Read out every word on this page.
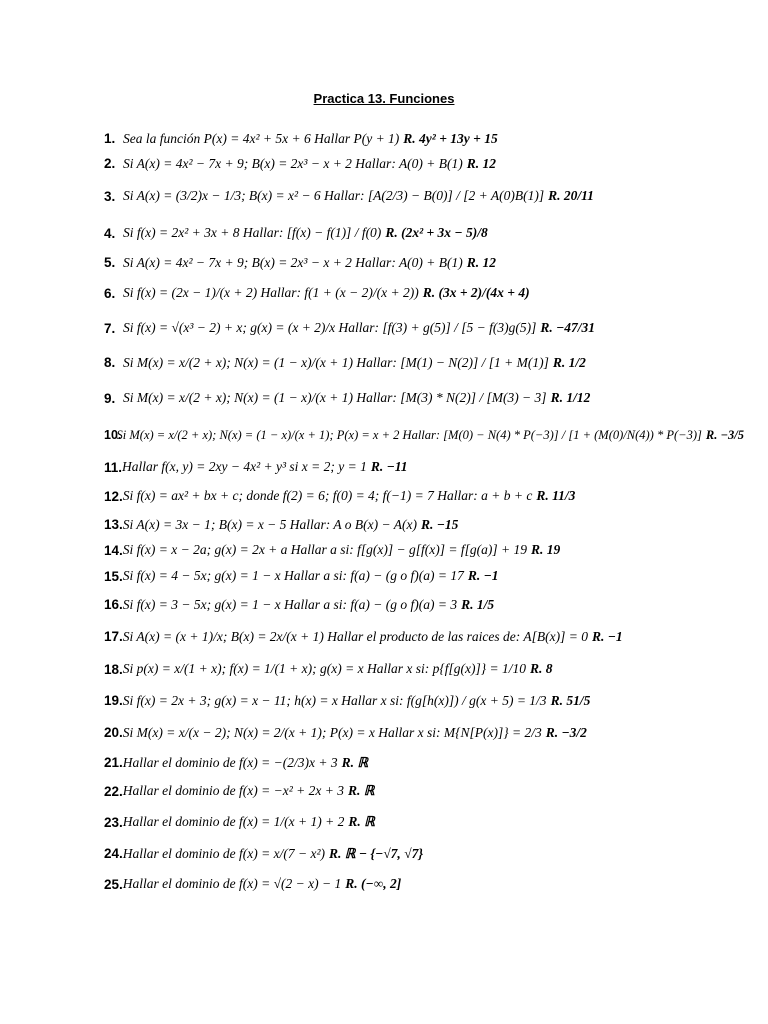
Practica 13. Funciones
1. Sea la función P(x) = 4x² + 5x + 6 Hallar P(y + 1) R. 4y² + 13y + 15
2. Si A(x) = 4x² − 7x + 9; B(x) = 2x³ − x + 2 Hallar: A(0) + B(1) R. 12
3. Si A(x) = (3/2)x − 1/3; B(x) = x² − 6 Hallar: [A(2/3) − B(0)] / [2 + A(0)B(1)] R. 20/11
4. Si f(x) = 2x² + 3x + 8 Hallar: [f(x) − f(1)] / f(0) R. (2x² + 3x − 5)/8
5. Si A(x) = 4x² − 7x + 9; B(x) = 2x³ − x + 2 Hallar: A(0) + B(1) R. 12
6. Si f(x) = (2x − 1)/(x + 2) Hallar: f(1 + (x − 2)/(x + 2)) R. (3x + 2)/(4x + 4)
7. Si f(x) = √(x³ − 2) + x; g(x) = (x + 2)/x Hallar: [f(3) + g(5)] / [5 − f(3)g(5)] R. −47/31
8. Si M(x) = x/(2 + x); N(x) = (1 − x)/(x + 1) Hallar: [M(1) − N(2)] / [1 + M(1)] R. 1/2
9. Si M(x) = x/(2 + x); N(x) = (1 − x)/(x + 1) Hallar: [M(3) * N(2)] / [M(3) − 3] R. 1/12
10.
Si M(x) = x/(2 + x); N(x) = (1 − x)/(x + 1); P(x) = x + 2 Hallar: [M(0) − N(4) * P(−3)] / [1 + (M(0)/N(4)) * P(−3)] R. −3/5
11. Hallar f(x, y) = 2xy − 4x² + y³ si x = 2; y = 1 R. −11
12. Si f(x) = ax² + bx + c; donde f(2) = 6; f(0) = 4; f(−1) = 7 Hallar: a + b + c R. 11/3
13. Si A(x) = 3x − 1; B(x) = x − 5 Hallar: A o B(x) − A(x) R. −15
14. Si f(x) = x − 2a; g(x) = 2x + a Hallar a si: f[g(x)] − g[f(x)] = f[g(a)] + 19 R. 19
15. Si f(x) = 4 − 5x; g(x) = 1 − x Hallar a si: f(a) − (g o f)(a) = 17 R. −1
16. Si f(x) = 3 − 5x; g(x) = 1 − x Hallar a si: f(a) − (g o f)(a) = 3 R. 1/5
17. Si A(x) = (x + 1)/x; B(x) = 2x/(x + 1) Hallar el producto de las raices de: A[B(x)] = 0 R. −1
18. Si p(x) = x/(1 + x); f(x) = 1/(1 + x); g(x) = x Hallar x si: p{f[g(x)]} = 1/10 R. 8
19. Si f(x) = 2x + 3; g(x) = x − 11; h(x) = x Hallar x si: f(g[h(x)]) / g(x + 5) = 1/3 R. 51/5
20. Si M(x) = x/(x − 2); N(x) = 2/(x + 1); P(x) = x Hallar x si: M{N[P(x)]} = 2/3 R. −3/2
21. Hallar el dominio de f(x) = −(2/3)x + 3 R. ℝ
22. Hallar el dominio de f(x) = −x² + 2x + 3 R. ℝ
23. Hallar el dominio de f(x) = 1/(x + 1) + 2 R. ℝ
24. Hallar el dominio de f(x) = x/(7 − x²) R. ℝ − {−√7, √7}
25. Hallar el dominio de f(x) = √(2 − x) − 1 R. (−∞, 2]
